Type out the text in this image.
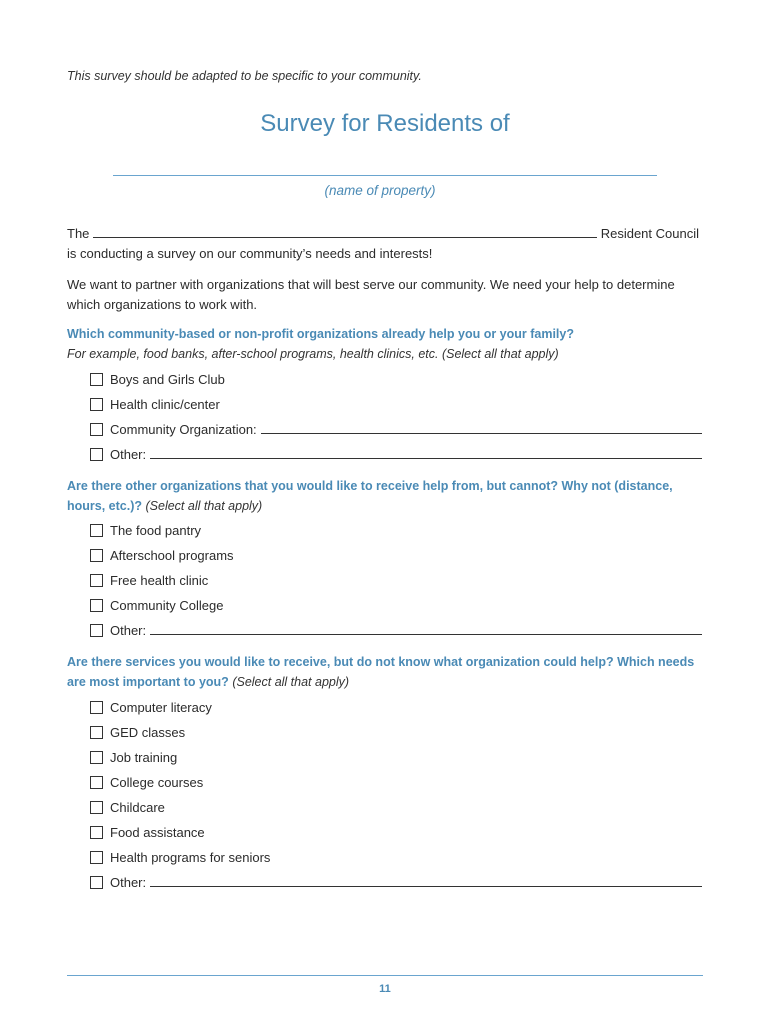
This survey should be adapted to be specific to your community.
Survey for Residents of
(name of property)
The	Resident Council
is conducting a survey on our community’s needs and interests!
We want to partner with organizations that will best serve our community. We need your help to determine which organizations to work with.
Which community-based or non-profit organizations already help you or your family?
For example, food banks, after-school programs, health clinics, etc. (Select all that apply)
Boys and Girls Club
Health clinic/center
Community Organization:
Other:
Are there other organizations that you would like to receive help from, but cannot? Why not (distance, hours, etc.)? (Select all that apply)
The food pantry
Afterschool programs
Free health clinic
Community College
Other:
Are there services you would like to receive, but do not know what organization could help? Which needs are most important to you? (Select all that apply)
Computer literacy
GED classes
Job training
College courses
Childcare
Food assistance
Health programs for seniors
Other:
11
